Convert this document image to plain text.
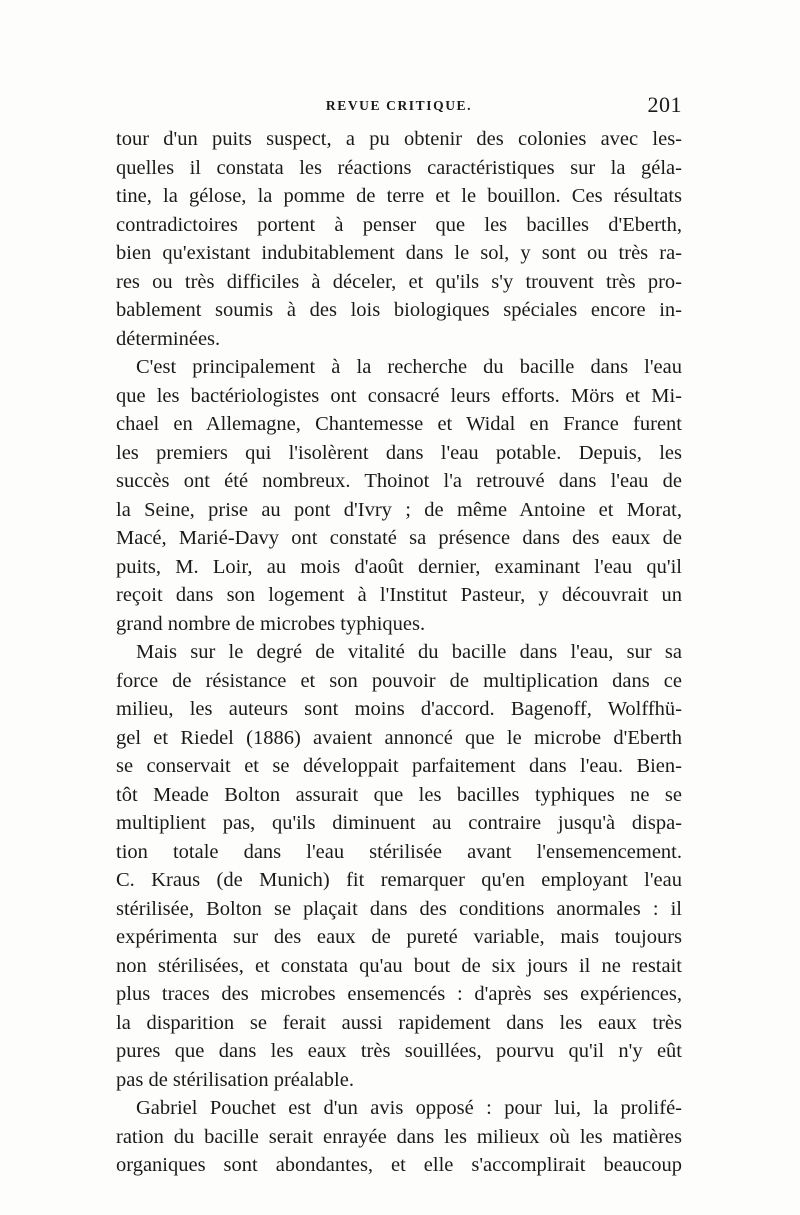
REVUE CRITIQUE.	201
tour d'un puits suspect, a pu obtenir des colonies avec les-
quelles il constata les réactions caractéristiques sur la géla-
tine, la gélose, la pomme de terre et le bouillon. Ces résultats
contradictoires portent à penser que les bacilles d'Eberth,
bien qu'existant indubitablement dans le sol, y sont ou très ra-
res ou très difficiles à déceler, et qu'ils s'y trouvent très pro-
bablement soumis à des lois biologiques spéciales encore in-
déterminées.
C'est principalement à la recherche du bacille dans l'eau
que les bactériologistes ont consacré leurs efforts. Mörs et Mi-
chael en Allemagne, Chantemesse et Widal en France furent
les premiers qui l'isolèrent dans l'eau potable. Depuis, les
succès ont été nombreux. Thoinot l'a retrouvé dans l'eau de
la Seine, prise au pont d'Ivry ; de même Antoine et Morat,
Macé, Marié-Davy ont constaté sa présence dans des eaux de
puits, M. Loir, au mois d'août dernier, examinant l'eau qu'il
reçoit dans son logement à l'Institut Pasteur, y découvrait un
grand nombre de microbes typhiques.
Mais sur le degré de vitalité du bacille dans l'eau, sur sa
force de résistance et son pouvoir de multiplication dans ce
milieu, les auteurs sont moins d'accord. Bagenoff, Wolffhü-
gel et Riedel (1886) avaient annoncé que le microbe d'Eberth
se conservait et se développait parfaitement dans l'eau. Bien-
tôt Meade Bolton assurait que les bacilles typhiques ne se
multiplient pas, qu'ils diminuent au contraire jusqu'à dispa-
tion totale dans l'eau stérilisée avant l'ensemencement.
C. Kraus (de Munich) fit remarquer qu'en employant l'eau
stérilisée, Bolton se plaçait dans des conditions anormales : il
expérimenta sur des eaux de pureté variable, mais toujours
non stérilisées, et constata qu'au bout de six jours il ne restait
plus traces des microbes ensemencés : d'après ses expériences,
la disparition se ferait aussi rapidement dans les eaux très
pures que dans les eaux très souillées, pourvu qu'il n'y eût
pas de stérilisation préalable.
Gabriel Pouchet est d'un avis opposé : pour lui, la prolifé-
ration du bacille serait enrayée dans les milieux où les matières
organiques sont abondantes, et elle s'accomplirait beaucoup
